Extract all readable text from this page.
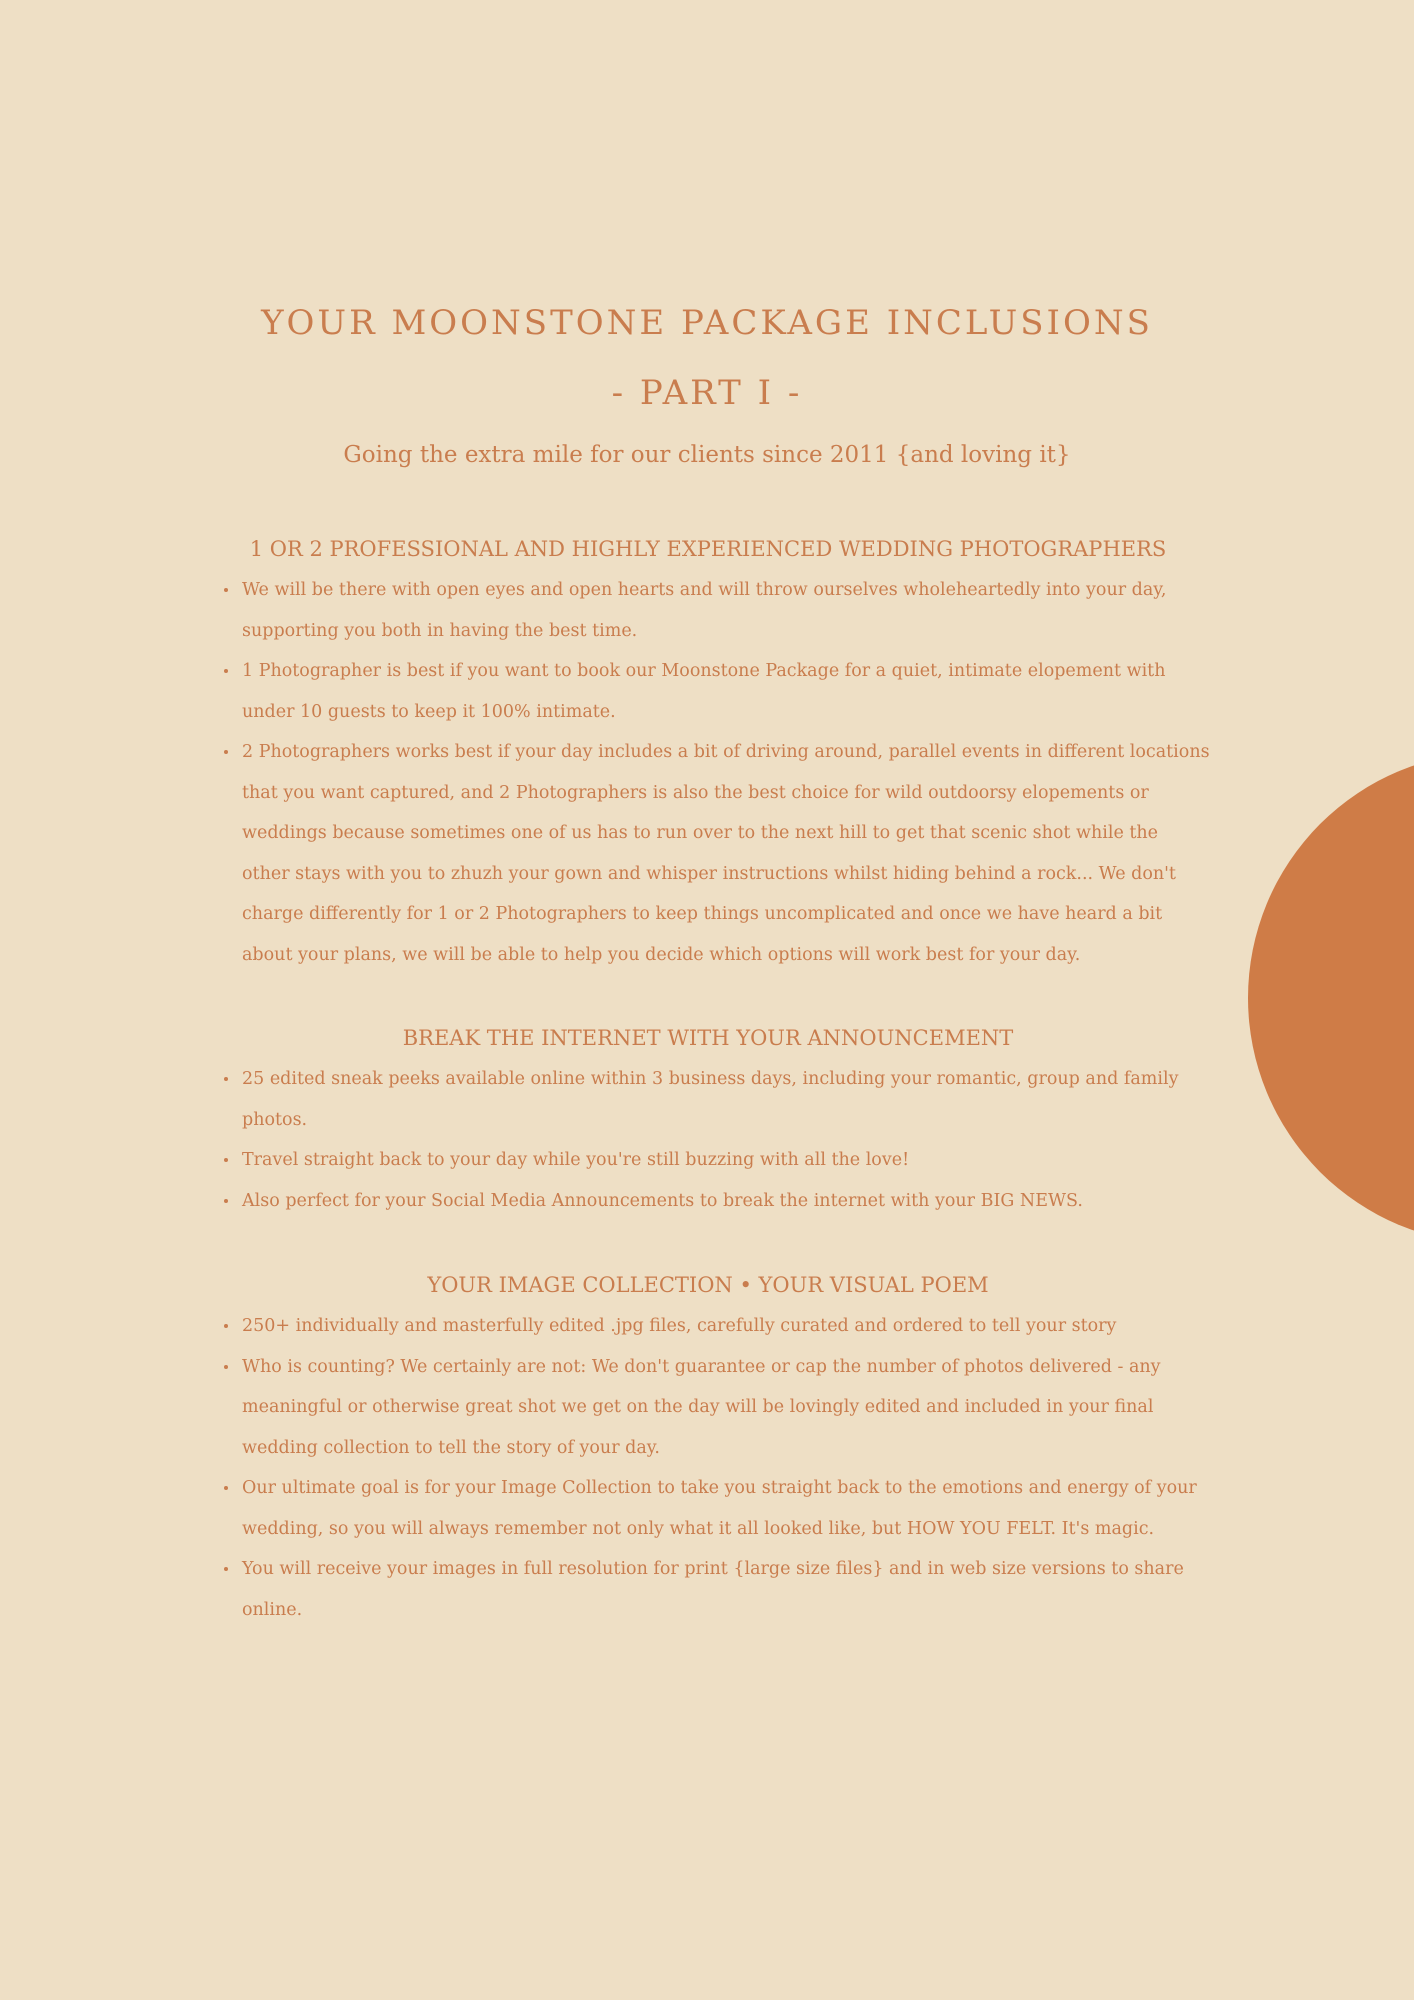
YOUR MOONSTONE PACKAGE INCLUSIONS
- PART I -

Going the extra mile for our clients since 2011 {and loving it}

1 OR 2 PROFESSIONAL AND HIGHLY EXPERIENCED WEDDING PHOTOGRAPHERS
We will be there with open eyes and open hearts and will throw ourselves wholeheartedly into your day, supporting you both in having the best time.
1 Photographer is best if you want to book our Moonstone Package for a quiet, intimate elopement with under 10 guests to keep it 100% intimate.
2 Photographers works best if your day includes a bit of driving around, parallel events in different locations that you want captured, and 2 Photographers is also the best choice for wild outdoorsy elopements or weddings because sometimes one of us has to run over to the next hill to get that scenic shot while the other stays with you to zhuzh your gown and whisper instructions whilst hiding behind a rock... We don't charge differently for 1 or 2 Photographers to keep things uncomplicated and once we have heard a bit about your plans, we will be able to help you decide which options will work best for your day.
BREAK THE INTERNET WITH YOUR ANNOUNCEMENT
25 edited sneak peeks available online within 3 business days, including your romantic, group and family photos.
Travel straight back to your day while you're still buzzing with all the love!
Also perfect for your Social Media Announcements to break the internet with your BIG NEWS.
YOUR IMAGE COLLECTION • YOUR VISUAL POEM
250+ individually and masterfully edited .jpg files, carefully curated and ordered to tell your story
Who is counting? We certainly are not: We don't guarantee or cap the number of photos delivered - any meaningful or otherwise great shot we get on the day will be lovingly edited and included in your final wedding collection to tell the story of your day.
Our ultimate goal is for your Image Collection to take you straight back to the emotions and energy of your wedding, so you will always remember not only what it all looked like, but HOW YOU FELT. It's magic.
You will receive your images in full resolution for print {large size files} and in web size versions to share online.
